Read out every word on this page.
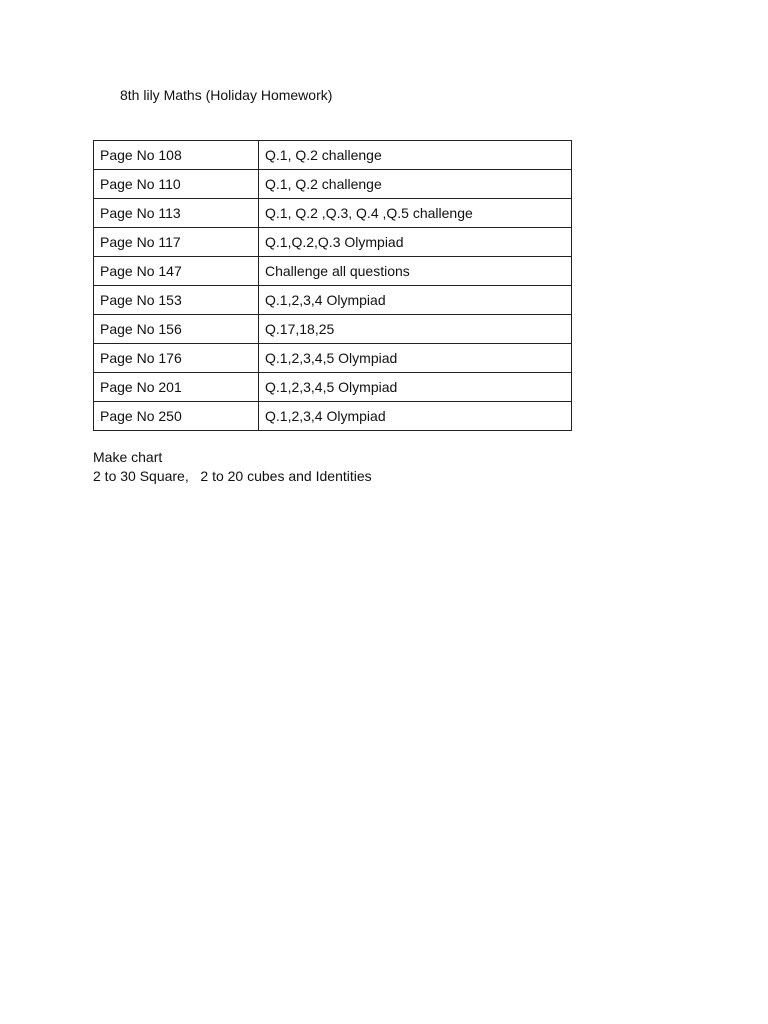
8th lily Maths (Holiday Homework)
Page No 108	Q.1, Q.2 challenge
Page No 110	Q.1, Q.2 challenge
Page No 113	Q.1, Q.2 ,Q.3, Q.4 ,Q.5 challenge
Page No 117	Q.1,Q.2,Q.3 Olympiad
Page No 147	Challenge all questions
Page No 153	Q.1,2,3,4 Olympiad
Page No 156	Q.17,18,25
Page No 176	Q.1,2,3,4,5 Olympiad
Page No 201	Q.1,2,3,4,5 Olympiad
Page No 250	Q.1,2,3,4 Olympiad
Make chart
2 to 30 Square,   2 to 20 cubes and Identities
